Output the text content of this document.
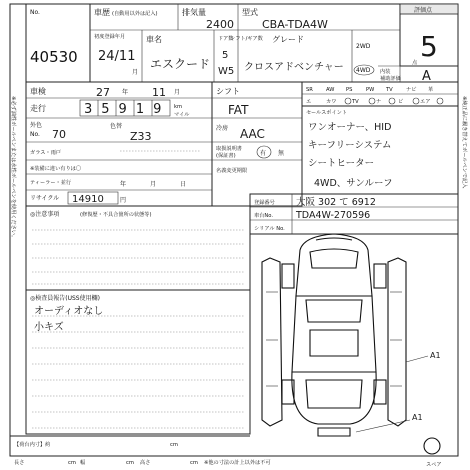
No.
40530
車歴 (自動用以外は記入)	排気量
2400
型式
CBA-TDA4W
評価点
5
点
初度登録年月
24/11
月
車名
エスクード
ドア数
5
W5
シフト/ギア数 グレード
クロスアドベンチャー
2WD
4WD 内装
補助評価 A
※必ず油性ボールペンまたは水性ボールペンを使用ください。	※純正品に履き替えてボールペンで記入
車検	27 年 11 月
走行	35919 km
マイル
外色
No. 70
色替
Z33
ガラス・雨戸
※装備に違い有りは〇
ティーラー・並行	年	月	日
リサイクル 14910	円
シフト
FAT
冷房 AAC
取扱説明書
(保証書)	有 無
名義変更期限
SR	AW PS	PW TV	ナビ 革
エ	カワ	TV	ナ	ビ	エア
セールスポイント
ワンオーナー、HID
キーフリーシステム
シートヒーター
4WD、サンルーフ
登録番号 大阪 302 て 6912
車台No. TDA4W-270596
シリアル No.
◎注意事項	(修復歴・不具合箇所の状態等)
◎検査員報告(USS使用欄)
オーディオなし
小キズ
A1
A1
スペア
【荷台内寸】約	cm
長さ	cm 幅	cm 高さ	cm ※他の寸法の計上以外は不可
